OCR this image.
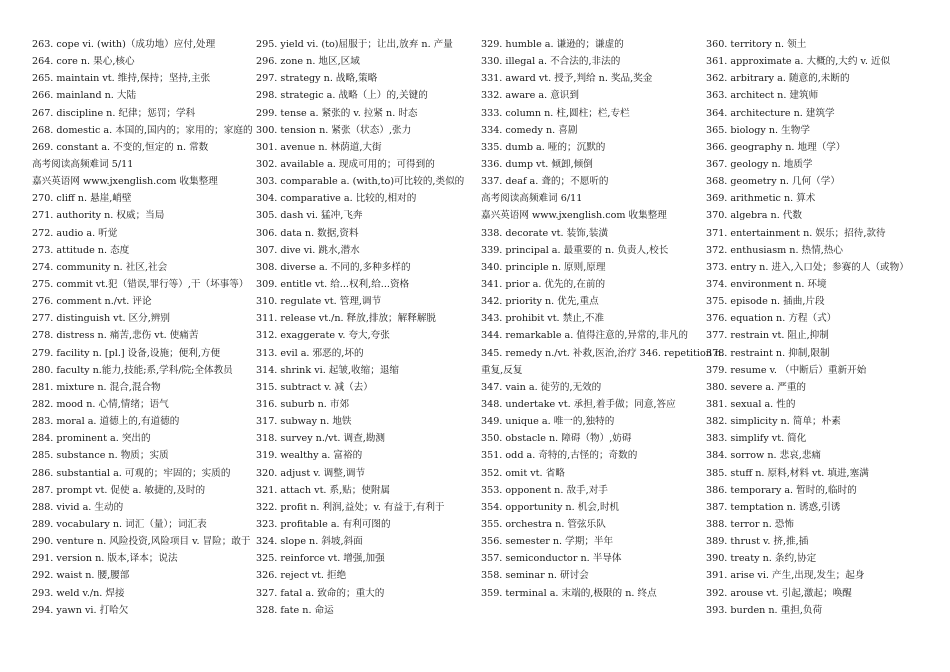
263. cope vi. (with)（成功地）应付,处理
264. core n. 果心,核心
265. maintain vt. 维持,保持；坚持,主张
266. mainland n. 大陆
267. discipline n. 纪律；惩罚；学科
268. domestic a. 本国的,国内的；家用的；家庭的
269. constant a. 不变的,恒定的 n. 常数
高考阅读高频难词 5/11
嘉兴英语网 www.jxenglish.com 收集整理
270. cliff n. 悬崖,峭壁
271. authority n. 权威；当局
272. audio a. 听觉
273. attitude n. 态度
274. community n. 社区,社会
275. commit vt.犯（错误,罪行等）,干（坏事等）
276. comment n./vt. 评论
277. distinguish vt. 区分,辨别
278. distress n. 痛苦,悲伤 vt. 使痛苦
279. facility n. [pl.] 设备,设施；便利,方便
280. faculty n.能力,技能;系,学科/院;全体教员
281. mixture n. 混合,混合物
282. mood n. 心情,情绪；语气
283. moral a. 道德上的,有道德的
284. prominent a. 突出的
285. substance n. 物质；实质
286. substantial a. 可观的；牢固的；实质的
287. prompt vt. 促使 a. 敏捷的,及时的
288. vivid a. 生动的
289. vocabulary n. 词汇（量）；词汇表
290. venture n. 风险投资,风险项目 v. 冒险；敢于
291. version n. 版本,译本；说法
292. waist n. 腰,腰部
293. weld v./n. 焊接
294. yawn vi. 打哈欠
295. yield vi. (to)屈服于；让出,放弃 n. 产量
296. zone n. 地区,区域
297. strategy n. 战略,策略
298. strategic a. 战略（上）的,关键的
299. tense a. 紧张的 v. 拉紧 n. 时态
300. tension n. 紧张（状态）,张力
301. avenue n. 林荫道,大街
302. available a. 现成可用的；可得到的
303. comparable a. (with,to)可比较的,类似的
304. comparative a. 比较的,相对的
305. dash vi. 猛冲,飞奔
306. data n. 数据,资料
307. dive vi. 跳水,潜水
308. diverse a. 不同的,多种多样的
309. entitle vt. 给...权利,给...资格
310. regulate vt. 管理,调节
311. release vt./n. 释放,排放；解释解脱
312. exaggerate v. 夸大,夸张
313. evil a. 邪恶的,坏的
314. shrink vi. 起皱,收缩；退缩
315. subtract v. 减（去）
316. suburb n. 市郊
317. subway n. 地铁
318. survey n./vt. 调查,勘测
319. wealthy a. 富裕的
320. adjust v. 调整,调节
321. attach vt. 系,贴；使附属
322. profit n. 利润,益处；v. 有益于,有利于
323. profitable a. 有利可图的
324. slope n. 斜坡,斜面
325. reinforce vt. 增强,加强
326. reject vt. 拒绝
327. fatal a. 致命的；重大的
328. fate n. 命运
329. humble a. 谦逊的；谦虚的
330. illegal a. 不合法的,非法的
331. award vt. 授予,判给 n. 奖品,奖金
332. aware a. 意识到
333. column n. 柱,圆柱；栏,专栏
334. comedy n. 喜剧
335. dumb a. 哑的；沉默的
336. dump vt. 倾卸,倾倒
337. deaf a. 聋的；不愿听的
高考阅读高频难词 6/11
嘉兴英语网 www.jxenglish.com 收集整理
338. decorate vt. 装饰,装潢
339. principal a. 最重要的 n. 负责人,校长
340. principle n. 原则,原理
341. prior a. 优先的,在前的
342. priority n. 优先,重点
343. prohibit vt. 禁止,不准
344. remarkable a. 值得注意的,异常的,非凡的
345. remedy n./vt. 补救,医治,治疗 346. repetition n.
重复,反复
347. vain a. 徒劳的,无效的
348. undertake vt. 承担,着手做；同意,答应
349. unique a. 唯一的,独特的
350. obstacle n. 障碍（物）,妨碍
351. odd a. 奇特的,古怪的；奇数的
352. omit vt. 省略
353. opponent n. 敌手,对手
354. opportunity n. 机会,时机
355. orchestra n. 管弦乐队
356. semester n. 学期；半年
357. semiconductor n. 半导体
358. seminar n. 研讨会
359. terminal a. 末端的,极限的 n. 终点
360. territory n. 领土
361. approximate a. 大概的,大约 v. 近似
362. arbitrary a. 随意的,未断的
363. architect n. 建筑师
364. architecture n. 建筑学
365. biology n. 生物学
366. geography n. 地理（学）
367. geology n. 地质学
368. geometry n. 几何（学）
369. arithmetic n. 算术
370. algebra n. 代数
371. entertainment n. 娱乐；招待,款待
372. enthusiasm n. 热情,热心
373. entry n. 进入,入口处；参赛的人（或物）
374. environment n. 环境
375. episode n. 插曲,片段
376. equation n. 方程（式）
377. restrain vt. 阻止,抑制
378. restraint n. 抑制,限制
379. resume v. （中断后）重新开始
380. severe a. 严重的
381. sexual a. 性的
382. simplicity n. 简单；朴素
383. simplify vt. 简化
384. sorrow n. 悲哀,悲痛
385. stuff n. 原料,材料 vt. 填进,塞满
386. temporary a. 暂时的,临时的
387. temptation n. 诱惑,引诱
388. terror n. 恐怖
389. thrust v. 挤,推,插
390. treaty n. 条约,协定
391. arise vi. 产生,出现,发生；起身
392. arouse vt. 引起,激起；唤醒
393. burden n. 重担,负荷
